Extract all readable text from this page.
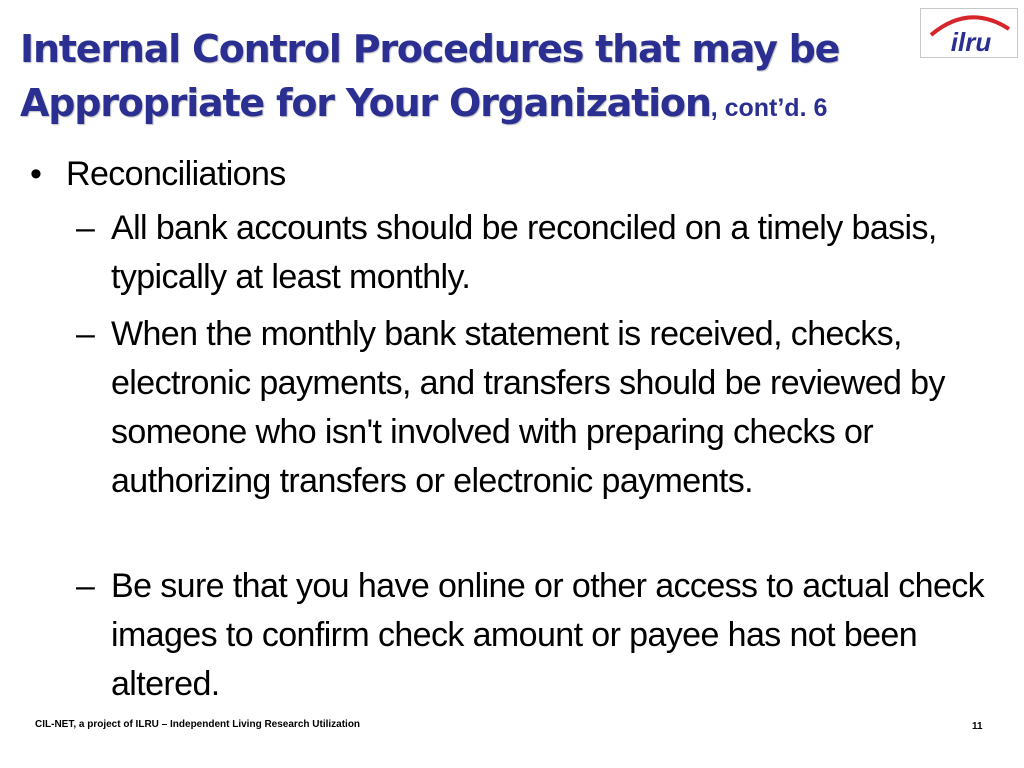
Internal Control Procedures that may be Appropriate for Your Organization, cont’d. 6
ilru
• Reconciliations
– All bank accounts should be reconciled on a timely basis, typically at least monthly.
– When the monthly bank statement is received, checks, electronic payments, and transfers should be reviewed by someone who isn't involved with preparing checks or authorizing transfers or electronic payments.
– Be sure that you have online or other access to actual check images to confirm check amount or payee has not been altered.
CIL-NET, a project of ILRU – Independent Living Research Utilization	11
